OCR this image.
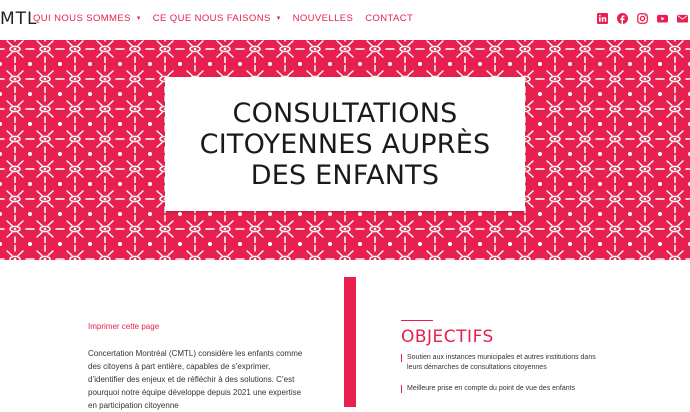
MTL
QUI NOUS SOMMES ▾ CE QUE NOUS FAISONS ▾ NOUVELLES CONTACT
CONSULTATIONS
CITOYENNES AUPRÈS
DES ENFANTS
Imprimer cette page

Concertation Montréal (CMTL) considère les enfants comme des citoyens à part entière, capables de s’exprimer, d’identifier des enjeux et de réfléchir à des solutions. C’est pourquoi notre équipe développe depuis 2021 une expertise en participation citoyenne

OBJECTIFS
Soutien aux instances municipales et autres institutions dans leurs démarches de consultations citoyennes
Meilleure prise en compte du point de vue des enfants
